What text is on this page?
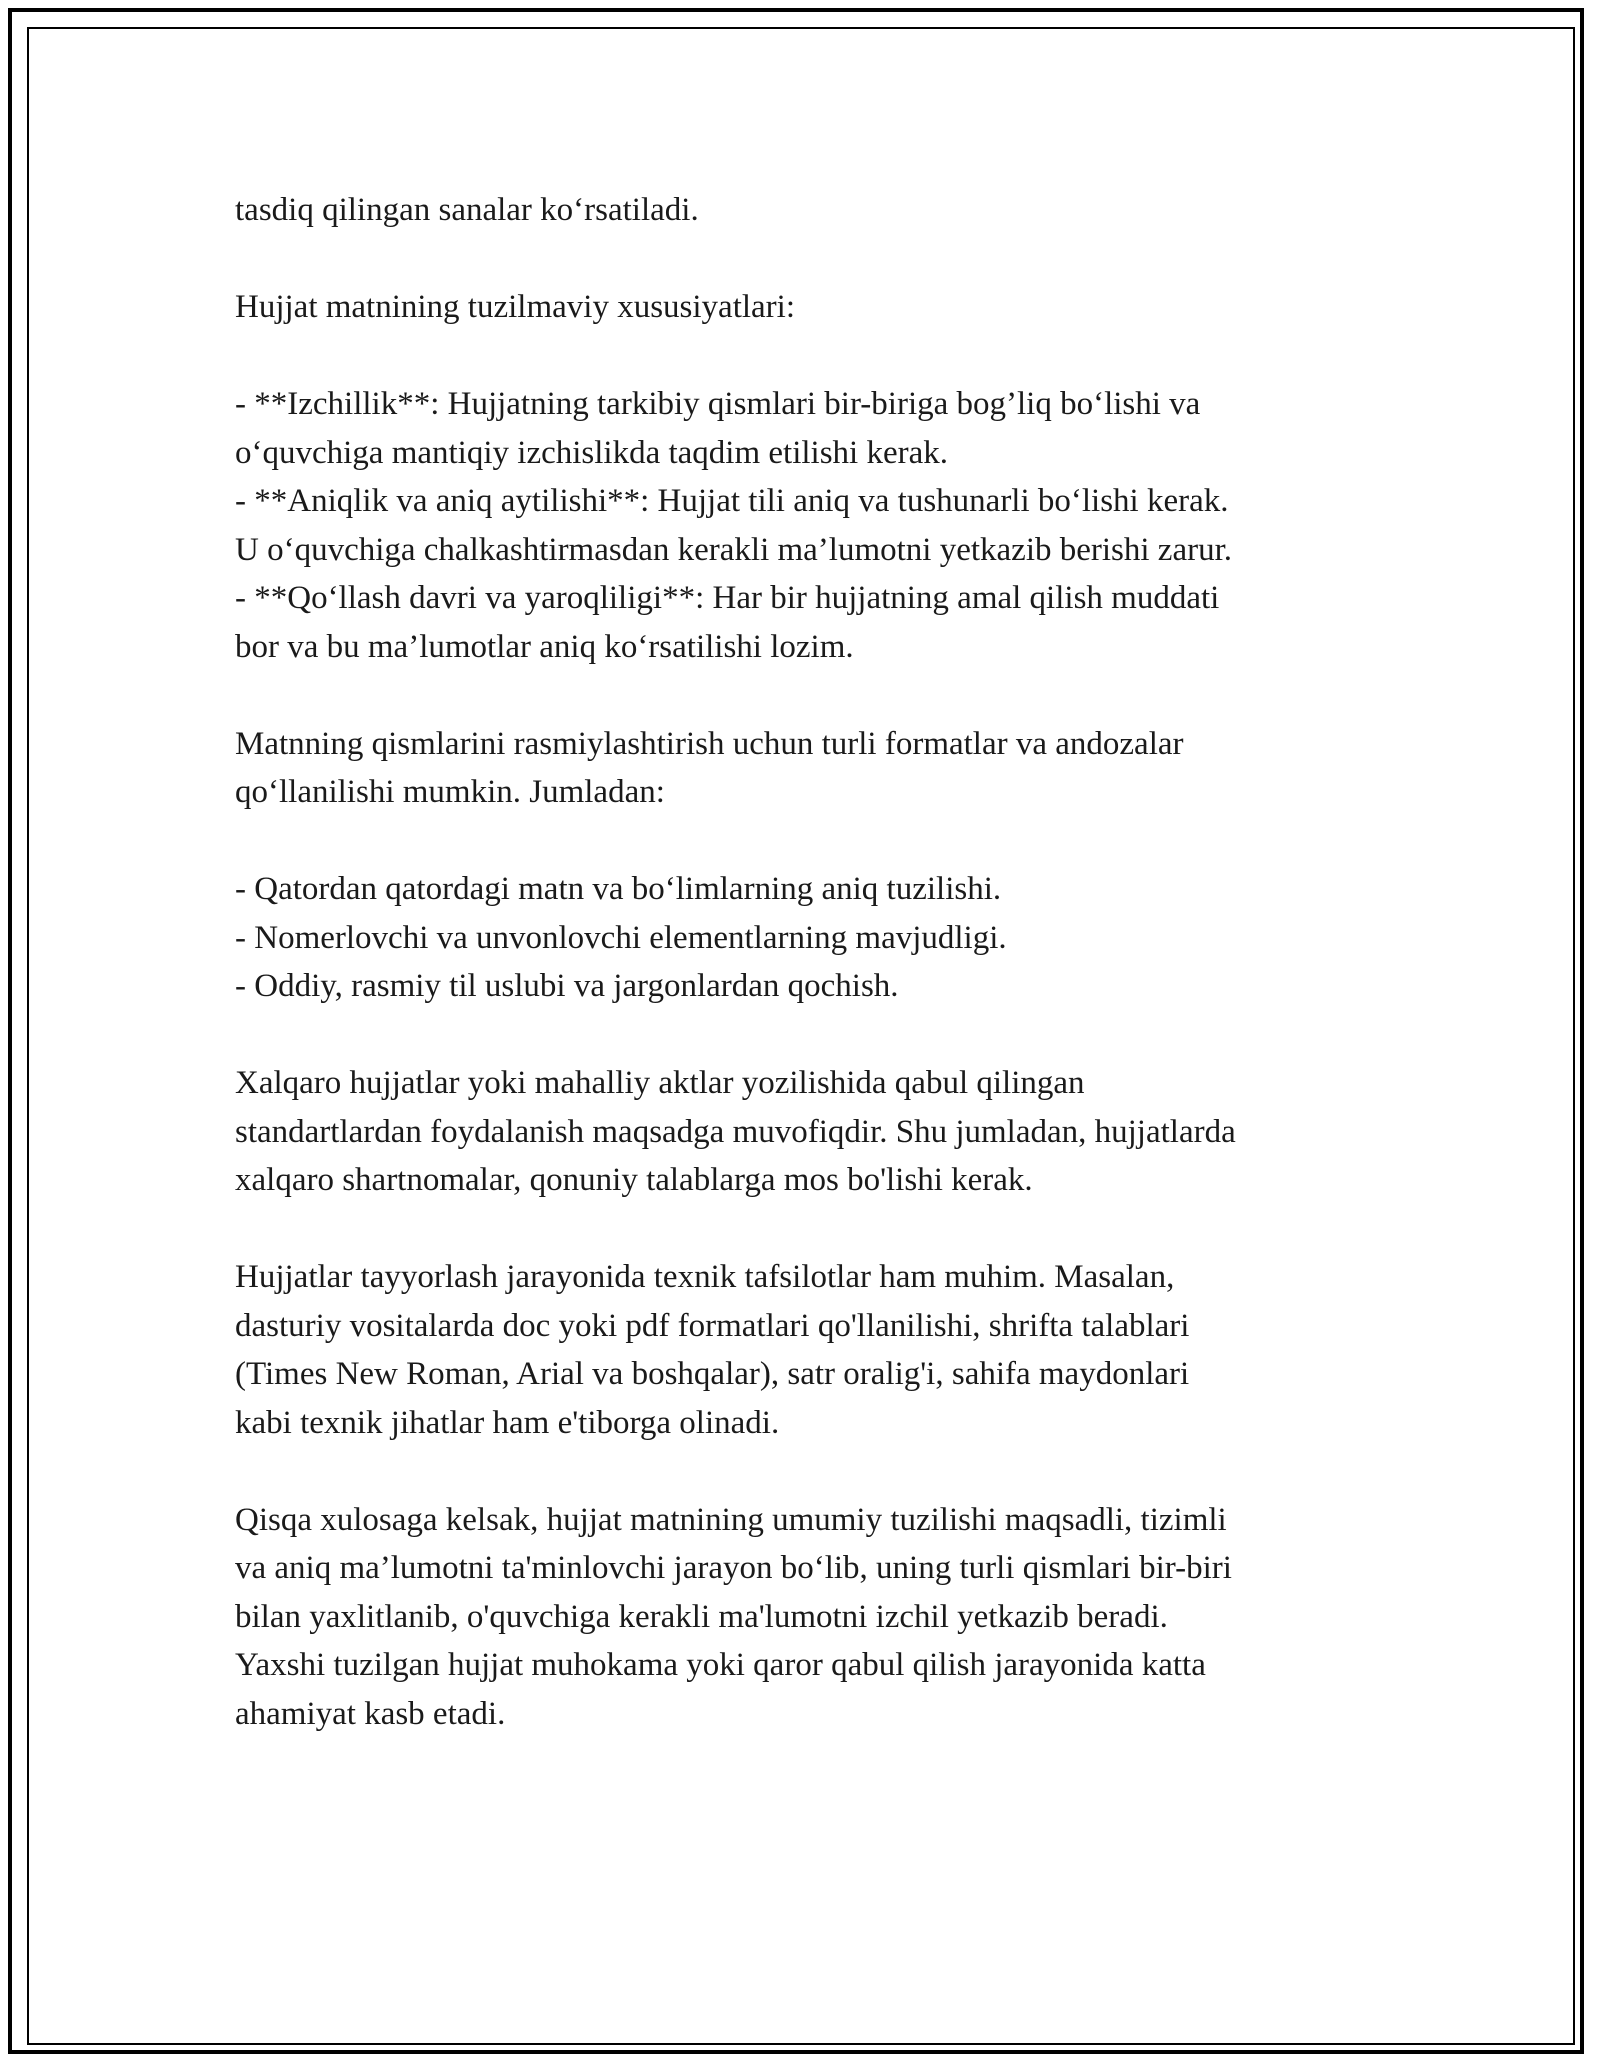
tasdiq qilingan sanalar ko‘rsatiladi.

Hujjat matnining tuzilmaviy xususiyatlari:

- **Izchillik**: Hujjatning tarkibiy qismlari bir-biriga bog’liq bo‘lishi va
o‘quvchiga mantiqiy izchislikda taqdim etilishi kerak.
- **Aniqlik va aniq aytilishi**: Hujjat tili aniq va tushunarli bo‘lishi kerak.
U o‘quvchiga chalkashtirmasdan kerakli ma’lumotni yetkazib berishi zarur.
- **Qo‘llash davri va yaroqliligi**: Har bir hujjatning amal qilish muddati
bor va bu ma’lumotlar aniq ko‘rsatilishi lozim.

Matnning qismlarini rasmiylashtirish uchun turli formatlar va andozalar
qo‘llanilishi mumkin. Jumladan:

- Qatordan qatordagi matn va bo‘limlarning aniq tuzilishi.
- Nomerlovchi va unvonlovchi elementlarning mavjudligi.
- Oddiy, rasmiy til uslubi va jargonlardan qochish.

Xalqaro hujjatlar yoki mahalliy aktlar yozilishida qabul qilingan
standartlardan foydalanish maqsadga muvofiqdir. Shu jumladan, hujjatlarda
xalqaro shartnomalar, qonuniy talablarga mos bo'lishi kerak.

Hujjatlar tayyorlash jarayonida texnik tafsilotlar ham muhim. Masalan,
dasturiy vositalarda doc yoki pdf formatlari qo'llanilishi, shrifta talablari
(Times New Roman, Arial va boshqalar), satr oralig'i, sahifa maydonlari
kabi texnik jihatlar ham e'tiborga olinadi.

Qisqa xulosaga kelsak, hujjat matnining umumiy tuzilishi maqsadli, tizimli
va aniq ma’lumotni ta'minlovchi jarayon bo‘lib, uning turli qismlari bir-biri
bilan yaxlitlanib, o'quvchiga kerakli ma'lumotni izchil yetkazib beradi.
Yaxshi tuzilgan hujjat muhokama yoki qaror qabul qilish jarayonida katta
ahamiyat kasb etadi.
